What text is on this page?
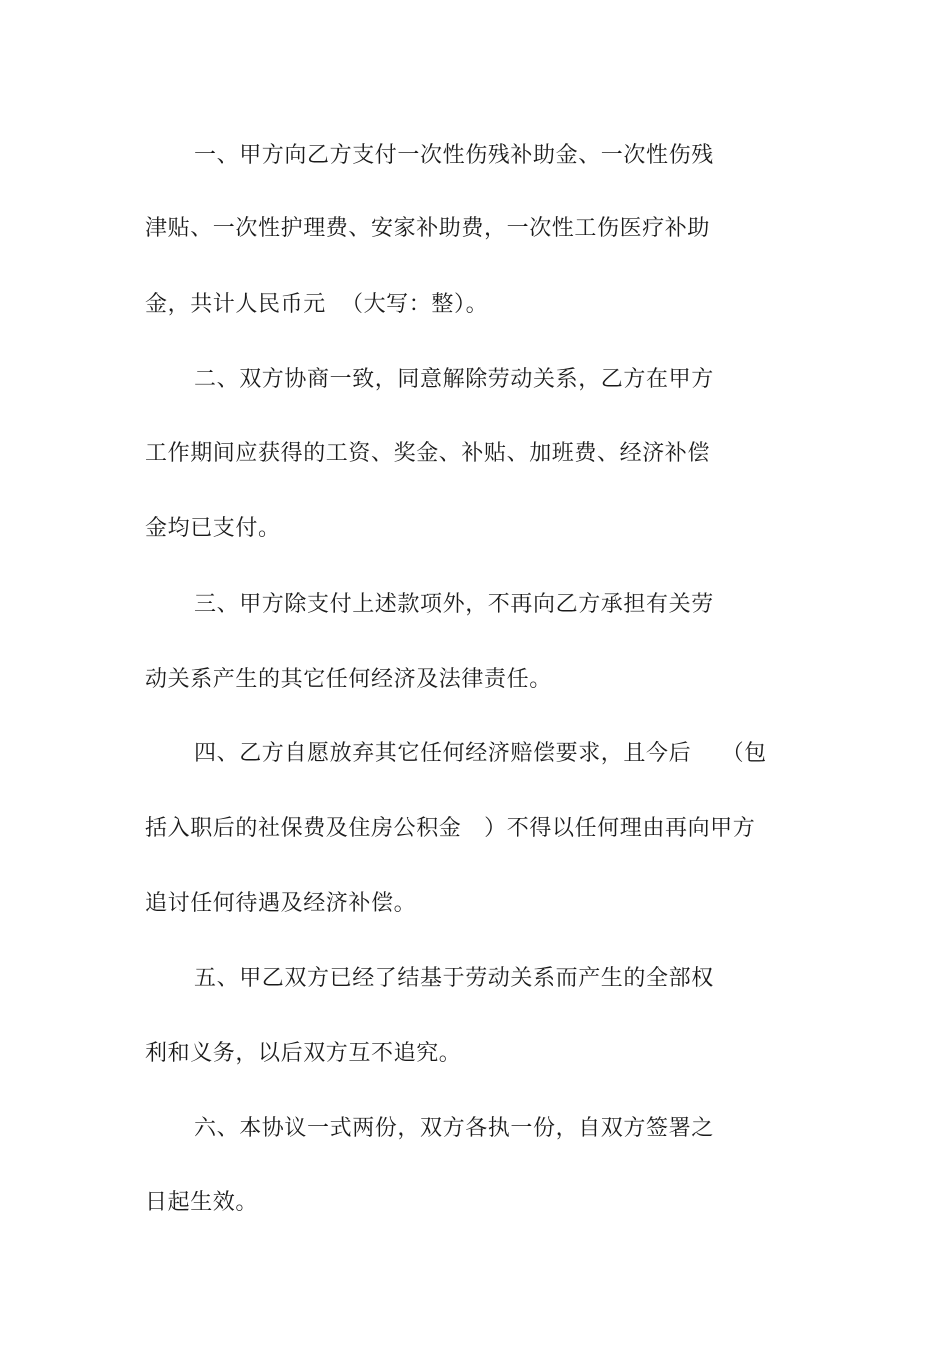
一、甲方向乙方支付一次性伤残补助金、一次性伤残
津贴、一次性护理费、安家补助费，一次性工伤医疗补助
金，共计人民币元  （大写：整）。
二、双方协商一致，同意解除劳动关系，乙方在甲方
工作期间应获得的工资、奖金、补贴、加班费、经济补偿
金均已支付。
三、甲方除支付上述款项外，不再向乙方承担有关劳
动关系产生的其它任何经济及法律责任。
四、乙方自愿放弃其它任何经济赔偿要求，且今后    （包
括入职后的社保费及住房公积金   ）不得以任何理由再向甲方
追讨任何待遇及经济补偿。
五、甲乙双方已经了结基于劳动关系而产生的全部权
利和义务，以后双方互不追究。
六、本协议一式两份，双方各执一份，自双方签署之
日起生效。
